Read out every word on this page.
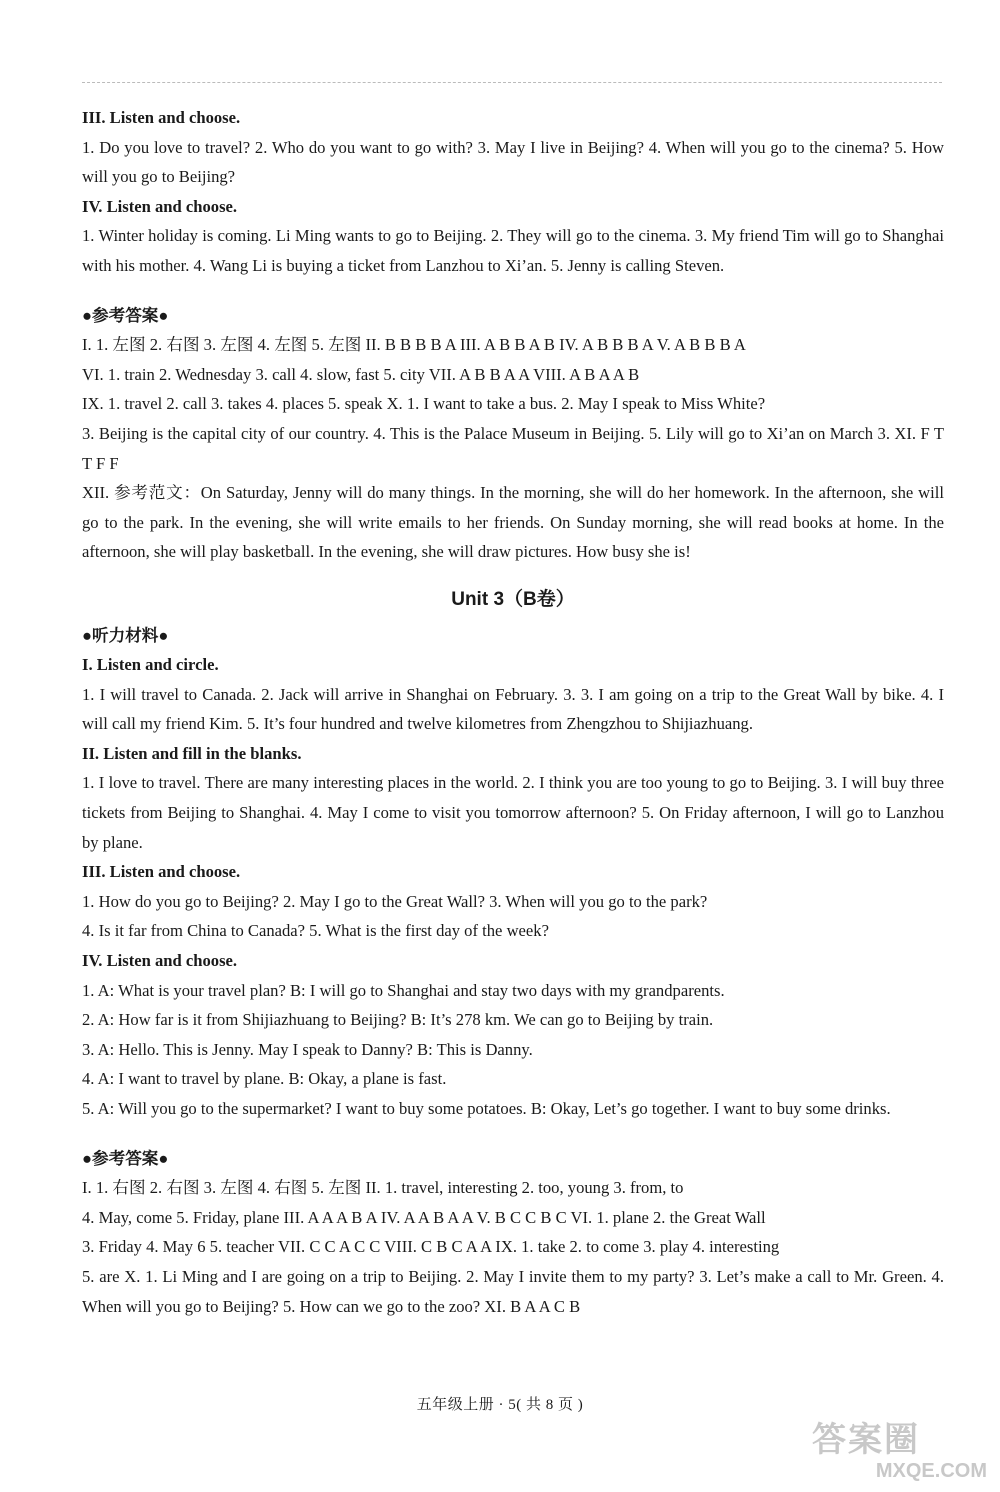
III. Listen and choose.
1. Do you love to travel? 2. Who do you want to go with? 3. May I live in Beijing? 4. When will you go to the cinema? 5. How will you go to Beijing?
IV. Listen and choose.
1. Winter holiday is coming. Li Ming wants to go to Beijing. 2. They will go to the cinema. 3. My friend Tim will go to Shanghai with his mother. 4. Wang Li is buying a ticket from Lanzhou to Xi’an. 5. Jenny is calling Steven.
●参考答案●
I. 1. 左图 2. 右图 3. 左图 4. 左图 5. 左图 II. B B B B A III. A B B A B IV. A B B B A V. A B B B A
VI. 1. train 2. Wednesday 3. call 4. slow, fast 5. city VII. A B B A A VIII. A B A A B
IX. 1. travel 2. call 3. takes 4. places 5. speak X. 1. I want to take a bus. 2. May I speak to Miss White?
3. Beijing is the capital city of our country. 4. This is the Palace Museum in Beijing. 5. Lily will go to Xi’an on March 3. XI. F T T F F
XII. 参考范文：On Saturday, Jenny will do many things. In the morning, she will do her homework. In the afternoon, she will go to the park. In the evening, she will write emails to her friends. On Sunday morning, she will read books at home. In the afternoon, she will play basketball. In the evening, she will draw pictures. How busy she is!
Unit 3（B卷）
●听力材料●
I. Listen and circle.
1. I will travel to Canada. 2. Jack will arrive in Shanghai on February. 3. 3. I am going on a trip to the Great Wall by bike. 4. I will call my friend Kim. 5. It’s four hundred and twelve kilometres from Zhengzhou to Shijiazhuang.
II. Listen and fill in the blanks.
1. I love to travel. There are many interesting places in the world. 2. I think you are too young to go to Beijing. 3. I will buy three tickets from Beijing to Shanghai. 4. May I come to visit you tomorrow afternoon? 5. On Friday afternoon, I will go to Lanzhou by plane.
III. Listen and choose.
1. How do you go to Beijing? 2. May I go to the Great Wall? 3. When will you go to the park?
4. Is it far from China to Canada? 5. What is the first day of the week?
IV. Listen and choose.
1. A: What is your travel plan? B: I will go to Shanghai and stay two days with my grandparents.
2. A: How far is it from Shijiazhuang to Beijing? B: It’s 278 km. We can go to Beijing by train.
3. A: Hello. This is Jenny. May I speak to Danny? B: This is Danny.
4. A: I want to travel by plane. B: Okay, a plane is fast.
5. A: Will you go to the supermarket? I want to buy some potatoes. B: Okay, Let’s go together. I want to buy some drinks.
●参考答案●
I. 1. 右图 2. 右图 3. 左图 4. 右图 5. 左图 II. 1. travel, interesting 2. too, young 3. from, to
4. May, come 5. Friday, plane III. A A A B A IV. A A B A A V. B C C B C VI. 1. plane 2. the Great Wall
3. Friday 4. May 6 5. teacher VII. C C A C C VIII. C B C A A IX. 1. take 2. to come 3. play 4. interesting
5. are X. 1. Li Ming and I are going on a trip to Beijing. 2. May I invite them to my party? 3. Let’s make a call to Mr. Green. 4. When will you go to Beijing? 5. How can we go to the zoo? XI. B A A C B
五年级上册 · 5( 共 8 页 )
答案圈
MXQE.COM
